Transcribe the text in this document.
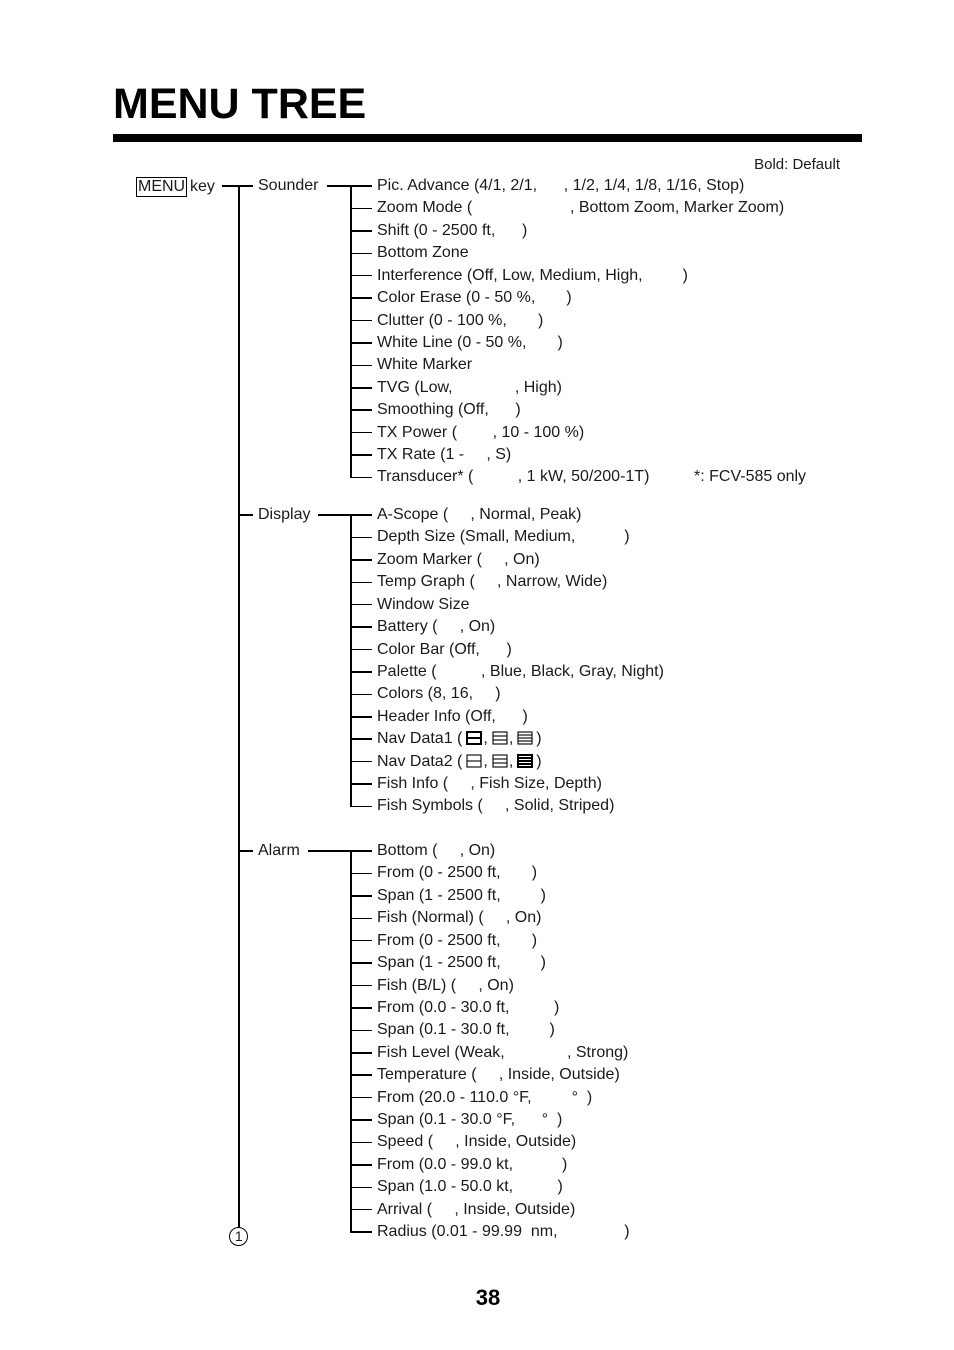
MENU TREE
Bold: Default
MENU key	Sounder	Pic. Advance (4/1, 2/1,      , 1/2, 1/4, 1/8, 1/16, Stop)
Zoom Mode (                      , Bottom Zoom, Marker Zoom)
Shift (0 - 2500 ft,      )
Bottom Zone
Interference (Off, Low, Medium, High,         )
Color Erase (0 - 50 %,       )
Clutter (0 - 100 %,       )
White Line (0 - 50 %,       )
White Marker
TVG (Low,              , High)
Smoothing (Off,      )
TX Power (        , 10 - 100 %)
TX Rate (1 -     , S)
Transducer* (          , 1 kW, 50/200-1T)	*: FCV-585 only
Display	A-Scope (     , Normal, Peak)
Depth Size (Small, Medium,           )
Zoom Marker (     , On)
Temp Graph (     , Narrow, Wide)
Window Size
Battery (     , On)
Color Bar (Off,      )
Palette (          , Blue, Black, Gray, Night)
Colors (8, 16,     )
Header Info (Off,      )
Nav Data1 ( , , )
Nav Data2 ( , , )
Fish Info (     , Fish Size, Depth)
Fish Symbols (     , Solid, Striped)
Alarm	Bottom (     , On)
From (0 - 2500 ft,       )
Span (1 - 2500 ft,         )
Fish (Normal) (     , On)
From (0 - 2500 ft,       )
Span (1 - 2500 ft,         )
Fish (B/L) (     , On)
From (0.0 - 30.0 ft,          )
Span (0.1 - 30.0 ft,         )
Fish Level (Weak,              , Strong)
Temperature (     , Inside, Outside)
From (20.0 - 110.0 °F,         °  )
Span (0.1 - 30.0 °F,      °  )
Speed (     , Inside, Outside)
From (0.0 - 99.0 kt,           )
Span (1.0 - 50.0 kt,          )
Arrival (     , Inside, Outside)
Radius (0.01 - 99.99  nm,               )
1
38
